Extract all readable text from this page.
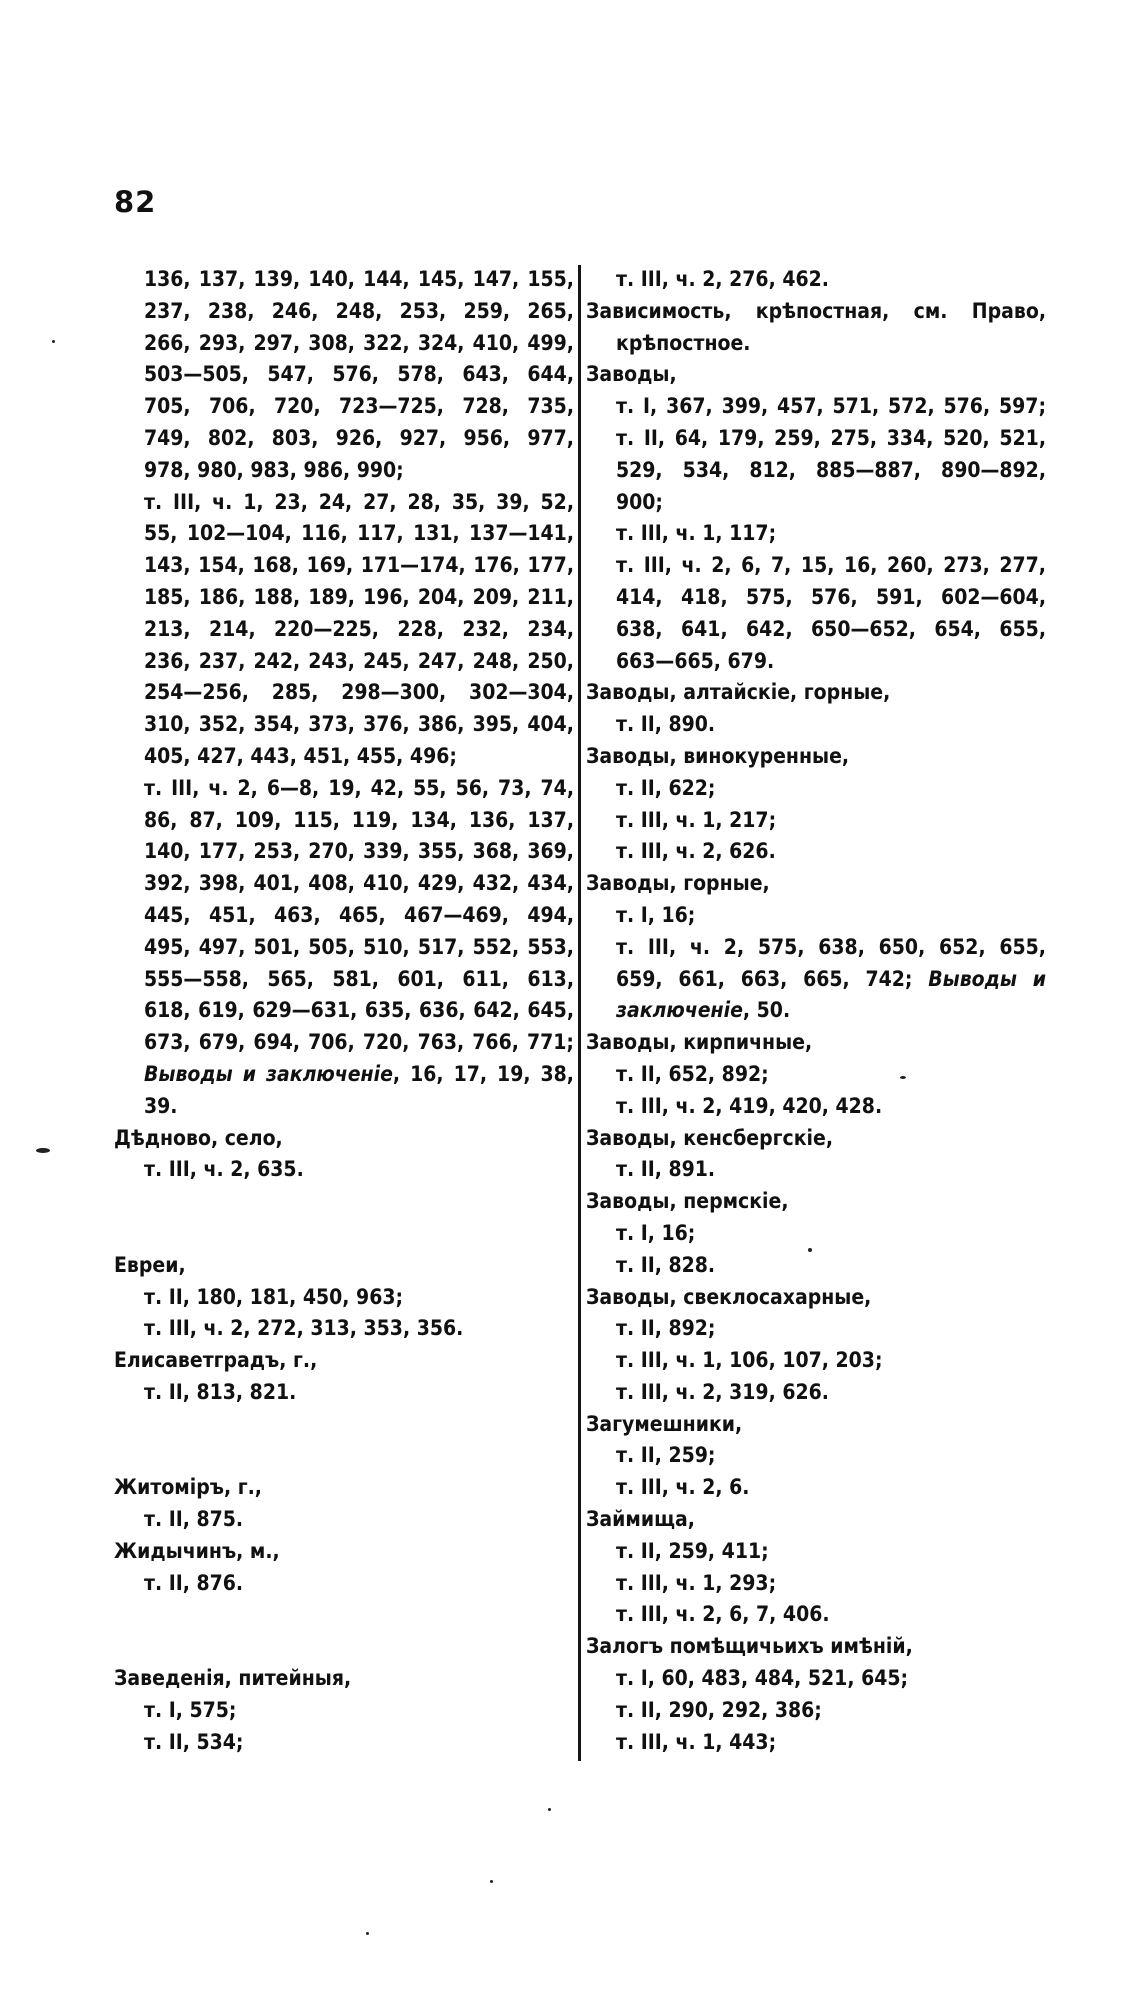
82
136, 137, 139, 140, 144, 145, 147, 155,
237, 238, 246, 248, 253, 259, 265,
266, 293, 297, 308, 322, 324, 410, 499,
503—505, 547, 576, 578, 643, 644,
705, 706, 720, 723—725, 728, 735,
749, 802, 803, 926, 927, 956, 977,
978, 980, 983, 986, 990;
т. III, ч. 1, 23, 24, 27, 28, 35, 39, 52,
55, 102—104, 116, 117, 131, 137—141,
143, 154, 168, 169, 171—174, 176, 177,
185, 186, 188, 189, 196, 204, 209, 211,
213, 214, 220—225, 228, 232, 234,
236, 237, 242, 243, 245, 247, 248, 250,
254—256, 285, 298—300, 302—304,
310, 352, 354, 373, 376, 386, 395, 404,
405, 427, 443, 451, 455, 496;
т. III, ч. 2, 6—8, 19, 42, 55, 56, 73, 74,
86, 87, 109, 115, 119, 134, 136, 137,
140, 177, 253, 270, 339, 355, 368, 369,
392, 398, 401, 408, 410, 429, 432, 434,
445, 451, 463, 465, 467—469, 494,
495, 497, 501, 505, 510, 517, 552, 553,
555—558, 565, 581, 601, 611, 613,
618, 619, 629—631, 635, 636, 642, 645,
673, 679, 694, 706, 720, 763, 766, 771;
Выводы и заключеніе, 16, 17, 19, 38,
39.
Дѣдново, село,
т. III, ч. 2, 635.
Евреи,
т. II, 180, 181, 450, 963;
т. III, ч. 2, 272, 313, 353, 356.
Елисаветградъ, г.,
т. II, 813, 821.
Житоміръ, г.,
т. II, 875.
Жидычинъ, м.,
т. II, 876.
Заведенія, питейныя,
т. I, 575;
т. II, 534;
т. III, ч. 2, 276, 462.
Зависимость, крѣпостная, см. Право,
крѣпостное.
Заводы,
т. I, 367, 399, 457, 571, 572, 576, 597;
т. II, 64, 179, 259, 275, 334, 520, 521,
529, 534, 812, 885—887, 890—892,
900;
т. III, ч. 1, 117;
т. III, ч. 2, 6, 7, 15, 16, 260, 273, 277,
414, 418, 575, 576, 591, 602—604,
638, 641, 642, 650—652, 654, 655,
663—665, 679.
Заводы, алтайскіе, горные,
т. II, 890.
Заводы, винокуренные,
т. II, 622;
т. III, ч. 1, 217;
т. III, ч. 2, 626.
Заводы, горные,
т. I, 16;
т. III, ч. 2, 575, 638, 650, 652, 655,
659, 661, 663, 665, 742; Выводы и
заключеніе, 50.
Заводы, кирпичные,
т. II, 652, 892;
т. III, ч. 2, 419, 420, 428.
Заводы, кенсбергскіе,
т. II, 891.
Заводы, пермскіе,
т. I, 16;
т. II, 828.
Заводы, свеклосахарные,
т. II, 892;
т. III, ч. 1, 106, 107, 203;
т. III, ч. 2, 319, 626.
Загумешники,
т. II, 259;
т. III, ч. 2, 6.
Займища,
т. II, 259, 411;
т. III, ч. 1, 293;
т. III, ч. 2, 6, 7, 406.
Залогъ помѣщичьихъ имѣній,
т. I, 60, 483, 484, 521, 645;
т. II, 290, 292, 386;
т. III, ч. 1, 443;
